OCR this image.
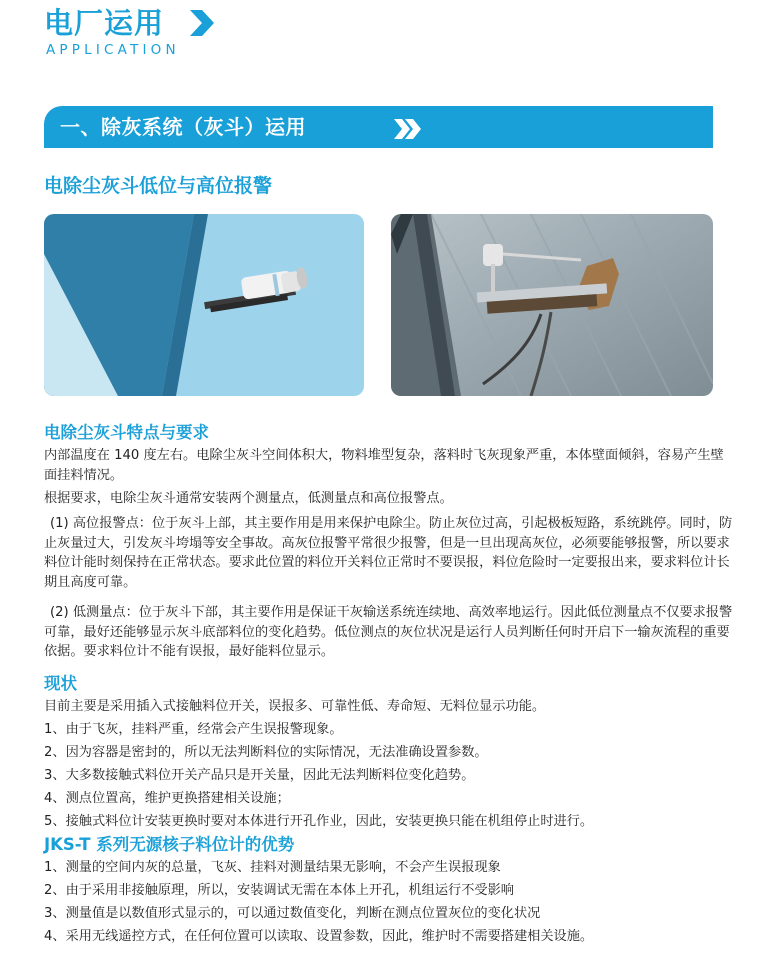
电厂运用
APPLICATION
一、除灰系统（灰斗）运用
电除尘灰斗低位与高位报警
电除尘灰斗特点与要求

内部温度在 140 度左右。电除尘灰斗空间体积大，物料堆型复杂，落料时飞灰现象严重，本体壁面倾斜，容易产生壁面挂料情况。

根据要求，电除尘灰斗通常安装两个测量点，低测量点和高位报警点。

(1) 高位报警点：位于灰斗上部，其主要作用是用来保护电除尘。防止灰位过高，引起极板短路，系统跳停。同时，防止灰量过大，引发灰斗垮塌等安全事故。高灰位报警平常很少报警，但是一旦出现高灰位，必须要能够报警，所以要求料位计能时刻保持在正常状态。要求此位置的料位开关料位正常时不要误报，料位危险时一定要报出来，要求料位计长期且高度可靠。

(2) 低测量点：位于灰斗下部，其主要作用是保证干灰输送系统连续地、高效率地运行。因此低位测量点不仅要求报警可靠，最好还能够显示灰斗底部料位的变化趋势。低位测点的灰位状况是运行人员判断任何时开启下一输灰流程的重要依据。要求料位计不能有误报，最好能料位显示。

现状
目前主要是采用插入式接触料位开关，误报多、可靠性低、寿命短、无料位显示功能。
1、由于飞灰，挂料严重，经常会产生误报警现象。
2、因为容器是密封的，所以无法判断料位的实际情况，无法准确设置参数。
3、大多数接触式料位开关产品只是开关量，因此无法判断料位变化趋势。
4、测点位置高，维护更换搭建相关设施；
5、接触式料位计安装更换时要对本体进行开孔作业，因此，安装更换只能在机组停止时进行。
JKS-T 系列无源核子料位计的优势
1、测量的空间内灰的总量，飞灰、挂料对测量结果无影响，不会产生误报现象
2、由于采用非接触原理，所以，安装调试无需在本体上开孔，机组运行不受影响
3、测量值是以数值形式显示的，可以通过数值变化，判断在测点位置灰位的变化状况
4、采用无线遥控方式，在任何位置可以读取、设置参数，因此，维护时不需要搭建相关设施。
